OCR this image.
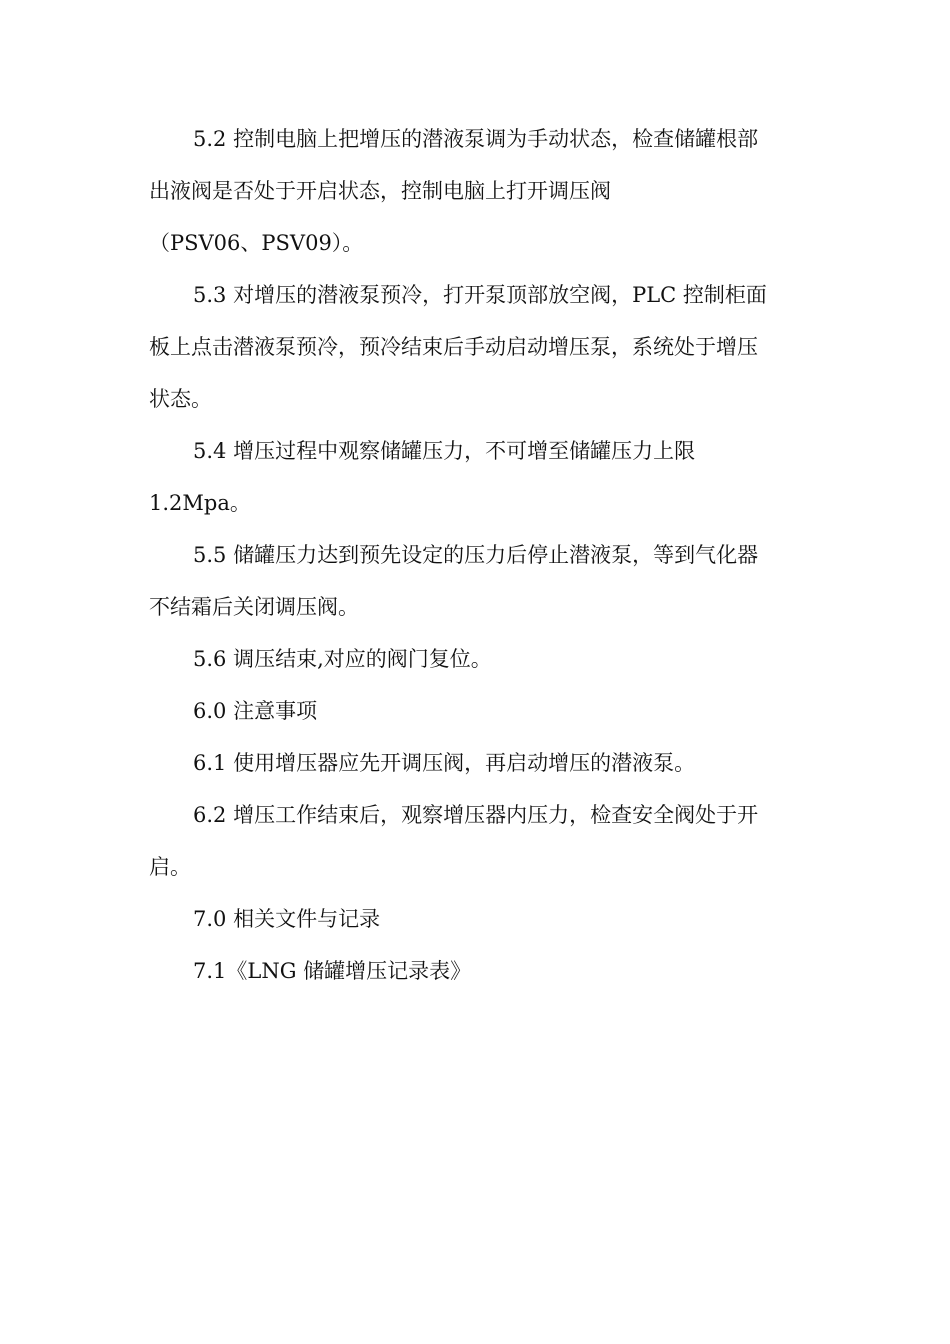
5.2 控制电脑上把增压的潜液泵调为手动状态，检查储罐根部
出液阀是否处于开启状态，控制电脑上打开调压阀
（PSV06、PSV09）。

5.3 对增压的潜液泵预冷，打开泵顶部放空阀，PLC 控制柜面
板上点击潜液泵预冷，预冷结束后手动启动增压泵，系统处于增压
状态。

5.4 增压过程中观察储罐压力，不可增至储罐压力上限
1.2Mpa。

5.5 储罐压力达到预先设定的压力后停止潜液泵，等到气化器
不结霜后关闭调压阀。

5.6 调压结束,对应的阀门复位。

6.0 注意事项

6.1 使用增压器应先开调压阀，再启动增压的潜液泵。

6.2 增压工作结束后，观察增压器内压力，检查安全阀处于开
启。

7.0 相关文件与记录

7.1《LNG 储罐增压记录表》
